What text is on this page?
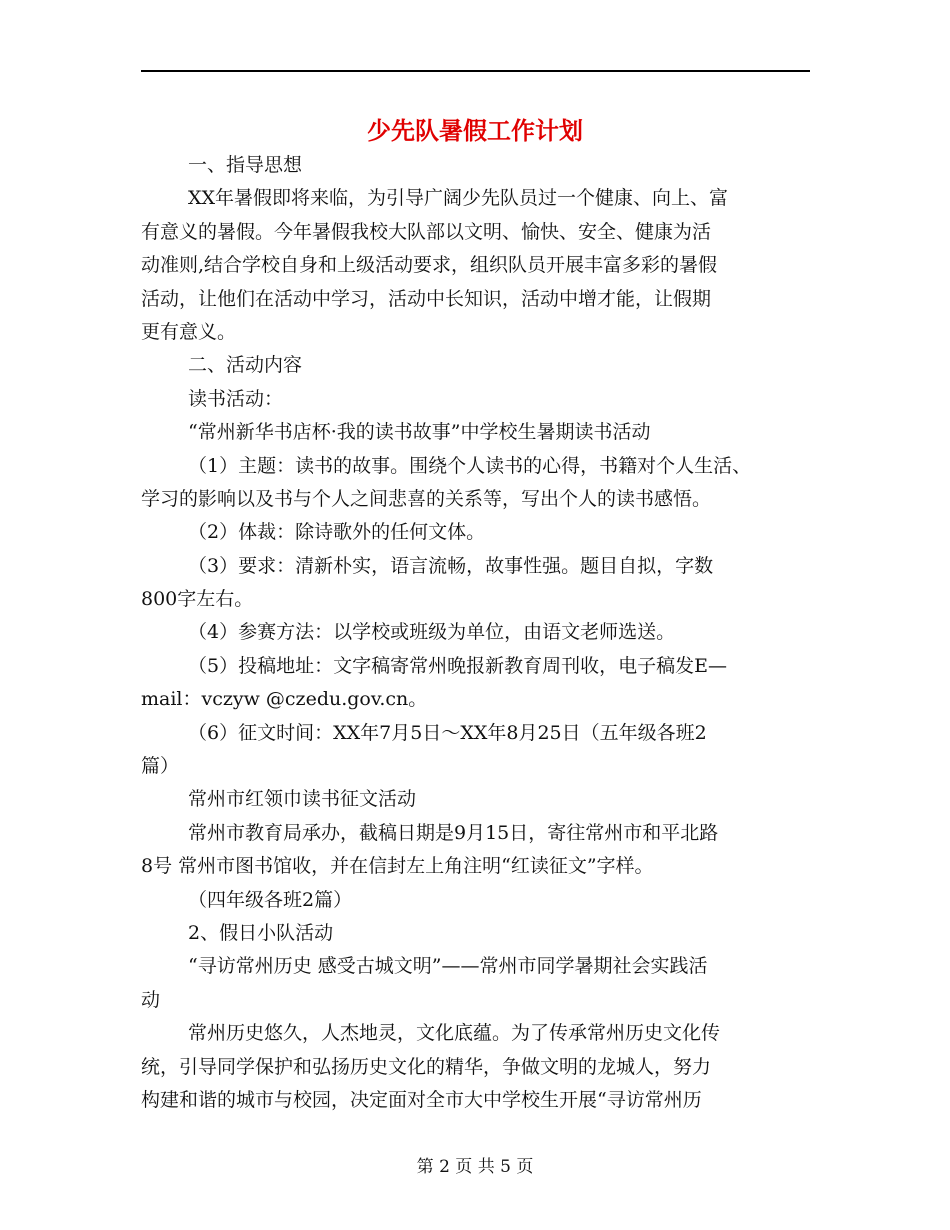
少先队暑假工作计划
一、指导思想
XX年暑假即将来临，为引导广阔少先队员过一个健康、向上、富
有意义的暑假。今年暑假我校大队部以文明、愉快、安全、健康为活
动准则,结合学校自身和上级活动要求，组织队员开展丰富多彩的暑假
活动，让他们在活动中学习，活动中长知识，活动中增才能，让假期
更有意义。
二、活动内容
读书活动：
“常州新华书店杯·我的读书故事”中学校生暑期读书活动
（1）主题：读书的故事。围绕个人读书的心得，书籍对个人生活、
学习的影响以及书与个人之间悲喜的关系等，写出个人的读书感悟。
（2）体裁：除诗歌外的任何文体。
（3）要求：清新朴实，语言流畅，故事性强。题目自拟，字数
800字左右。
（4）参赛方法：以学校或班级为单位，由语文老师选送。
（5）投稿地址：文字稿寄常州晚报新教育周刊收，电子稿发E—
mail：vczyw @czedu.gov.cn。
（6）征文时间：XX年7月5日～XX年8月25日（五年级各班2
篇）
常州市红领巾读书征文活动
常州市教育局承办，截稿日期是9月15日，寄往常州市和平北路
8号 常州市图书馆收，并在信封左上角注明“红读征文”字样。
（四年级各班2篇）
2、假日小队活动
“寻访常州历史 感受古城文明”——常州市同学暑期社会实践活
动
常州历史悠久，人杰地灵，文化底蕴。为了传承常州历史文化传
统，引导同学保护和弘扬历史文化的精华，争做文明的龙城人，努力
构建和谐的城市与校园，决定面对全市大中学校生开展“寻访常州历
第 2 页 共 5 页
